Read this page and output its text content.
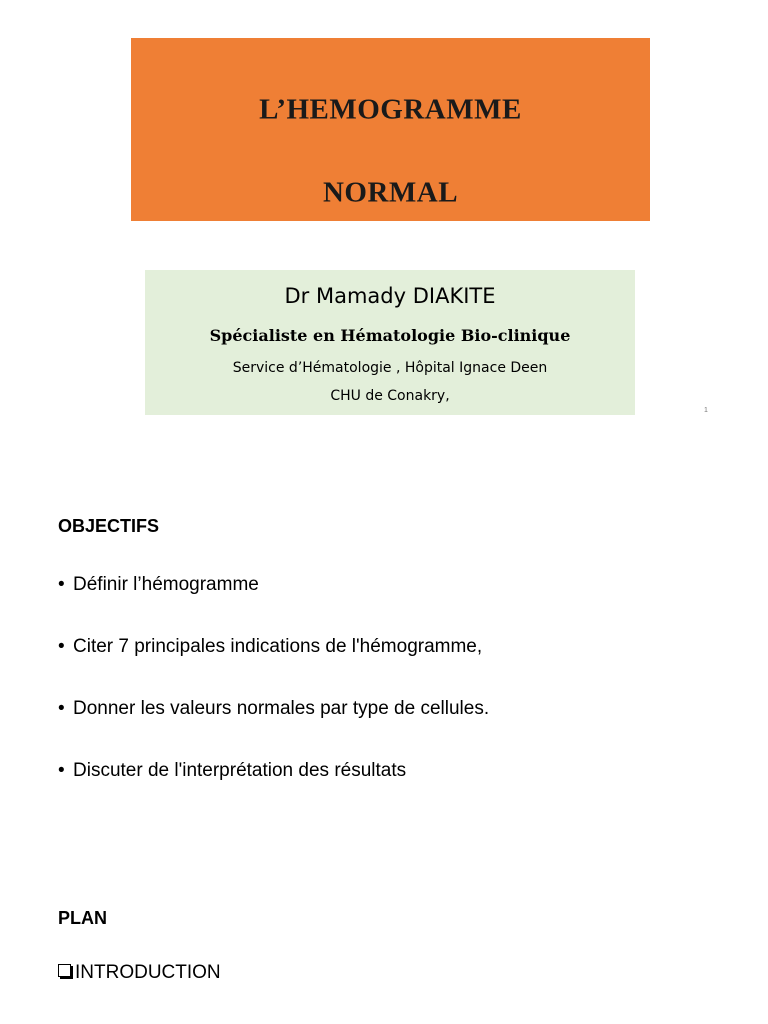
L’HEMOGRAMME
NORMAL
Dr Mamady DIAKITE
Spécialiste en Hématologie Bio-clinique
Service d’Hématologie , Hôpital Ignace Deen
CHU de Conakry,
1
OBJECTIFS
• Définir l’hémogramme
• Citer 7 principales indications de l'hémogramme,
• Donner les valeurs normales par type de cellules.
• Discuter de l'interprétation des résultats
PLAN
INTRODUCTION
